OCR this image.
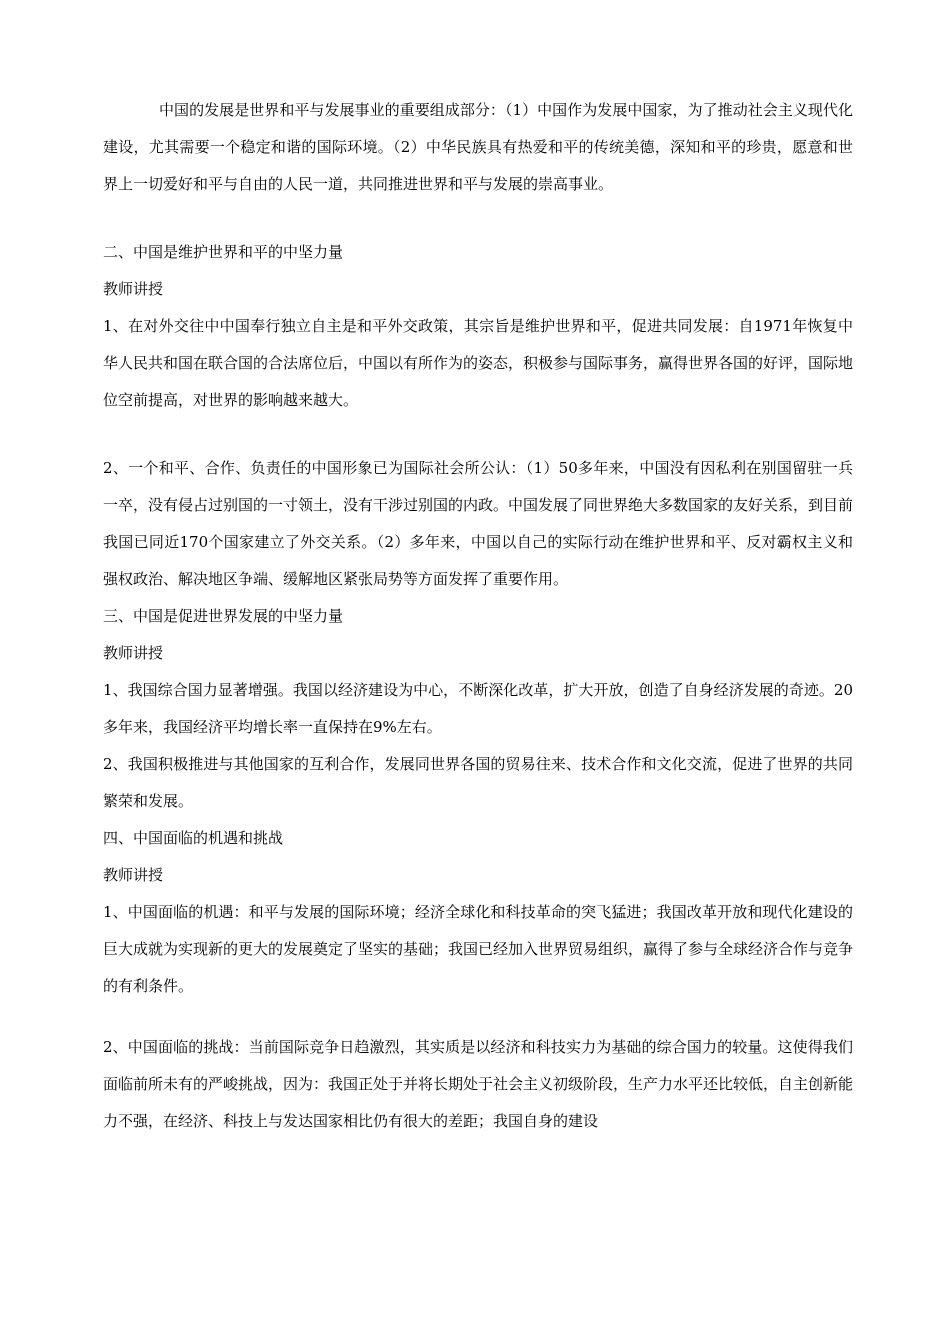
中国的发展是世界和平与发展事业的重要组成部分：（1）中国作为发展中国家，为了推动社会主义现代化建设，尤其需要一个稳定和谐的国际环境。（2）中华民族具有热爱和平的传统美德，深知和平的珍贵，愿意和世界上一切爱好和平与自由的人民一道，共同推进世界和平与发展的崇高事业。

二、中国是维护世界和平的中坚力量

教师讲授

1、在对外交往中中国奉行独立自主是和平外交政策，其宗旨是维护世界和平，促进共同发展：自1971年恢复中华人民共和国在联合国的合法席位后，中国以有所作为的姿态，积极参与国际事务，赢得世界各国的好评，国际地位空前提高，对世界的影响越来越大。

2、一个和平、合作、负责任的中国形象已为国际社会所公认：（1）50多年来，中国没有因私利在别国留驻一兵一卒，没有侵占过别国的一寸领土，没有干涉过别国的内政。中国发展了同世界绝大多数国家的友好关系，到目前我国已同近170个国家建立了外交关系。（2）多年来，中国以自己的实际行动在维护世界和平、反对霸权主义和强权政治、解决地区争端、缓解地区紧张局势等方面发挥了重要作用。

三、中国是促进世界发展的中坚力量

教师讲授

1、我国综合国力显著增强。我国以经济建设为中心，不断深化改革，扩大开放，创造了自身经济发展的奇迹。20多年来，我国经济平均增长率一直保持在9%左右。

2、我国积极推进与其他国家的互利合作，发展同世界各国的贸易往来、技术合作和文化交流，促进了世界的共同繁荣和发展。

四、中国面临的机遇和挑战

教师讲授

1、中国面临的机遇：和平与发展的国际环境；经济全球化和科技革命的突飞猛进；我国改革开放和现代化建设的巨大成就为实现新的更大的发展奠定了坚实的基础；我国已经加入世界贸易组织，赢得了参与全球经济合作与竞争的有利条件。

2、中国面临的挑战：当前国际竞争日趋激烈，其实质是以经济和科技实力为基础的综合国力的较量。这使得我们面临前所未有的严峻挑战，因为：我国正处于并将长期处于社会主义初级阶段，生产力水平还比较低，自主创新能力不强，在经济、科技上与发达国家相比仍有很大的差距；我国自身的建设
